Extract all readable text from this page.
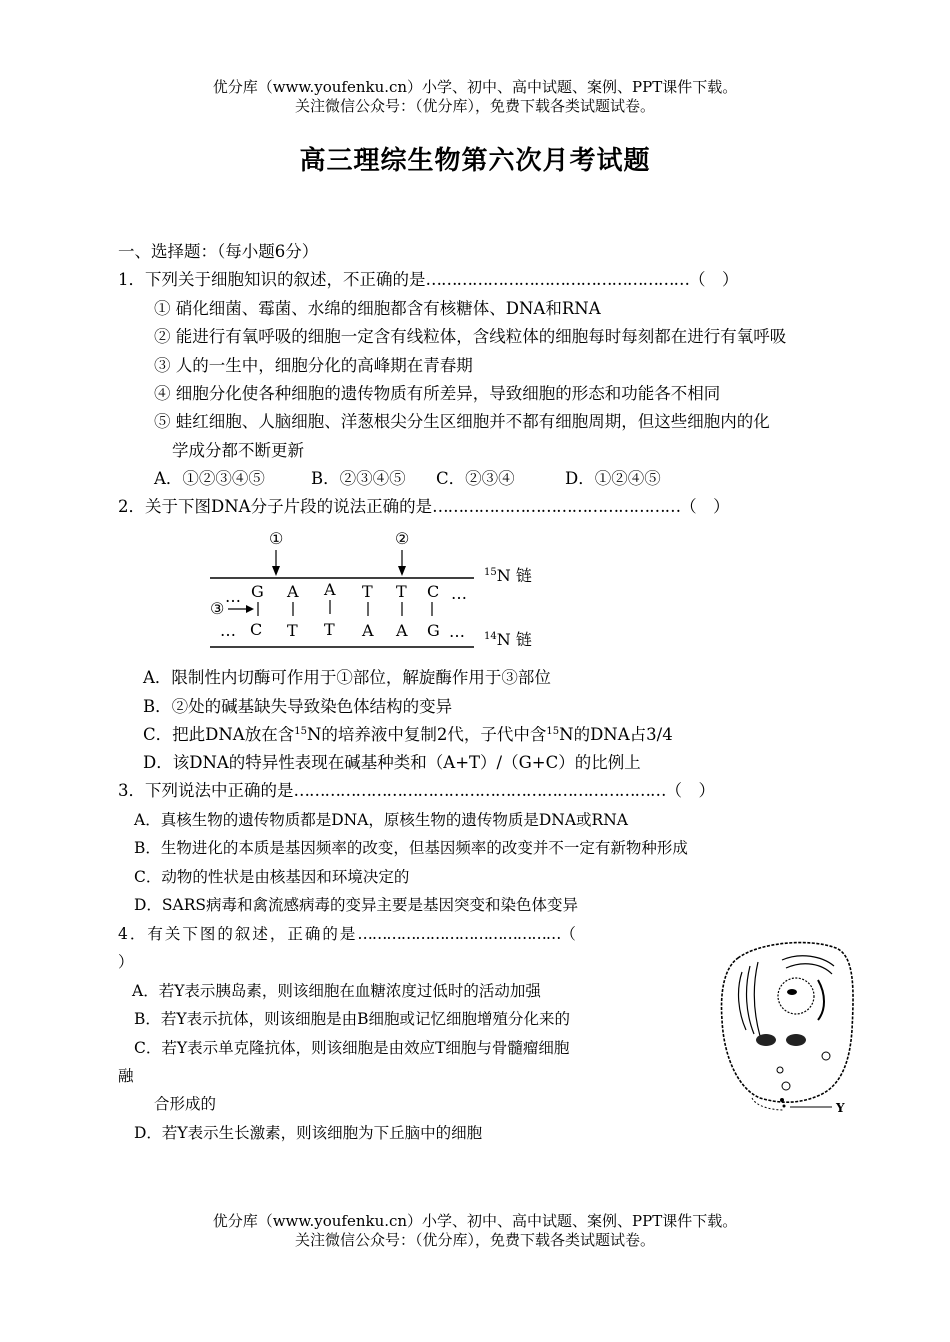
优分库（www.youfenku.cn）小学、初中、高中试题、案例、PPT课件下载。
关注微信公众号：（优分库），免费下载各类试题试卷。
高三理综生物第六次月考试题
一、选择题：（每小题6分）
1．下列关于细胞知识的叙述，不正确的是……………………………………………（　）
① 硝化细菌、霉菌、水绵的细胞都含有核糖体、DNA和RNA
② 能进行有氧呼吸的细胞一定含有线粒体，含线粒体的细胞每时每刻都在进行有氧呼吸
③ 人的一生中，细胞分化的高峰期在青春期
④ 细胞分化使各种细胞的遗传物质有所差异，导致细胞的形态和功能各不相同
⑤ 蛙红细胞、人脑细胞、洋葱根尖分生区细胞并不都有细胞周期，但这些细胞内的化
学成分都不断更新
A．①②③④⑤	B．②③④⑤ C．②③④	D．①②④⑤
2．关于下图DNA分子片段的说法正确的是…………………………………………（　）
①	②
③
… G A A T T C …
… C T T A A G …
$^{15}$N 链
$^{14}$N 链
A．限制性内切酶可作用于①部位，解旋酶作用于③部位
B．②处的碱基缺失导致染色体结构的变异
C．把此DNA放在含$^{15}$N的培养液中复制2代，子代中含$^{15}$N的DNA占3/4
D．该DNA的特异性表现在碱基种类和（A+T）/（G+C）的比例上
3．下列说法中正确的是………………………………………………………………（　）
A．真核生物的遗传物质都是DNA，原核生物的遗传物质是DNA或RNA
B．生物进化的本质是基因频率的改变，但基因频率的改变并不一定有新物种形成
C．动物的性状是由核基因和环境决定的
D．SARS病毒和禽流感病毒的变异主要是基因突变和染色体变异
4．有关下图的叙述，正确的是……………………………………（
）
A．若Y表示胰岛素，则该细胞在血糖浓度过低时的活动加强
B．若Y表示抗体，则该细胞是由B细胞或记忆细胞增殖分化来的
C．若Y表示单克隆抗体，则该细胞是由效应T细胞与骨髓瘤细胞
融
合形成的
D．若Y表示生长激素，则该细胞为下丘脑中的细胞
Y
优分库（www.youfenku.cn）小学、初中、高中试题、案例、PPT课件下载。
关注微信公众号：（优分库），免费下载各类试题试卷。
